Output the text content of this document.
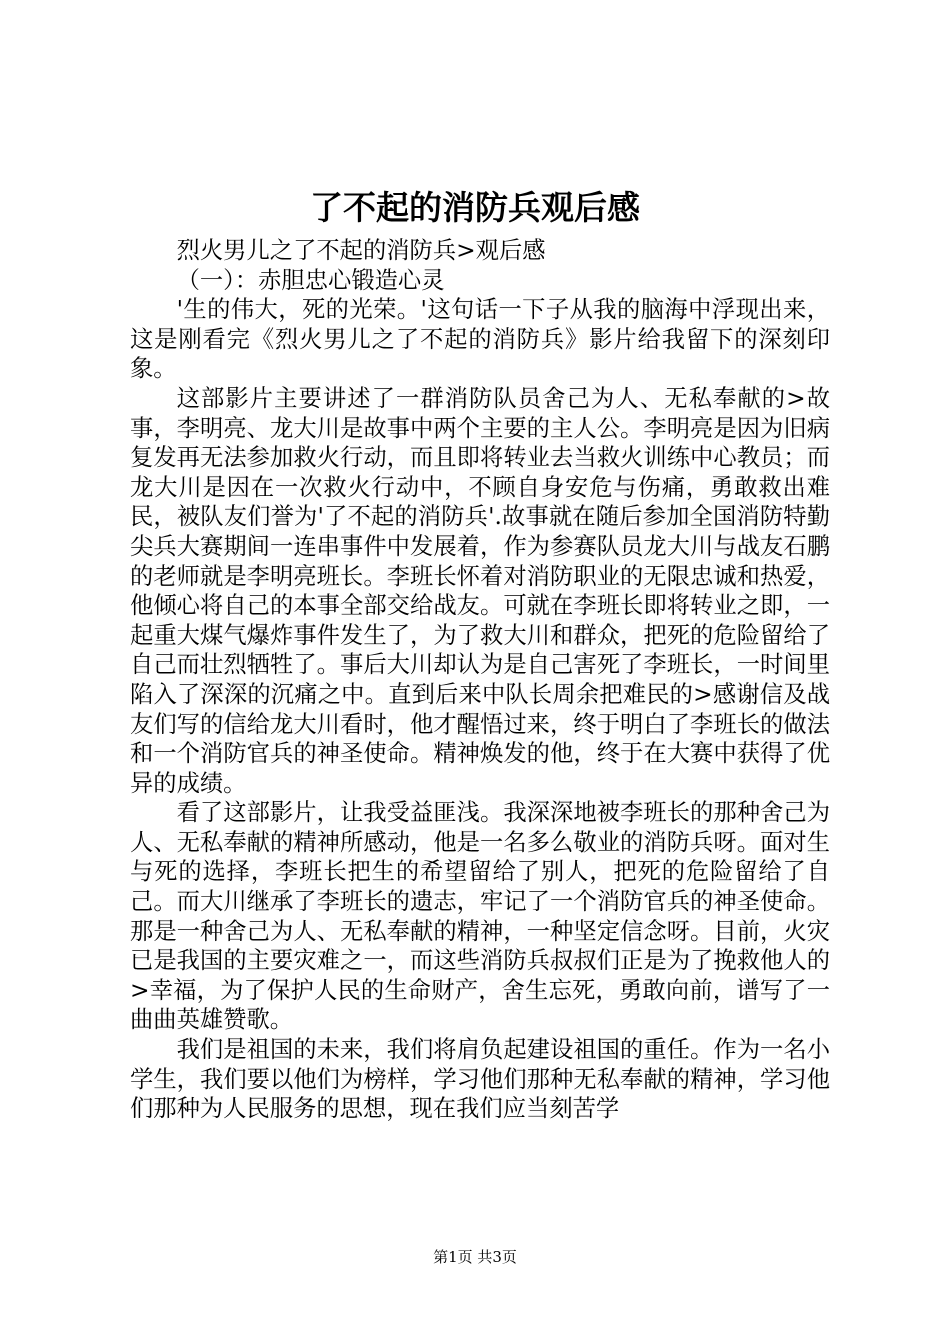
了不起的消防兵观后感

烈火男儿之了不起的消防兵>观后感

（一）：赤胆忠心锻造心灵

'生的伟大，死的光荣。'这句话一下子从我的脑海中浮现出来，这是刚看完《烈火男儿之了不起的消防兵》影片给我留下的深刻印象。

这部影片主要讲述了一群消防队员舍己为人、无私奉献的>故事，李明亮、龙大川是故事中两个主要的主人公。李明亮是因为旧病复发再无法参加救火行动，而且即将转业去当救火训练中心教员；而龙大川是因在一次救火行动中，不顾自身安危与伤痛，勇敢救出难民，被队友们誉为'了不起的消防兵'.故事就在随后参加全国消防特勤尖兵大赛期间一连串事件中发展着，作为参赛队员龙大川与战友石鹏的老师就是李明亮班长。李班长怀着对消防职业的无限忠诚和热爱，他倾心将自己的本事全部交给战友。可就在李班长即将转业之即，一起重大煤气爆炸事件发生了，为了救大川和群众，把死的危险留给了自己而壮烈牺牲了。事后大川却认为是自己害死了李班长，一时间里陷入了深深的沉痛之中。直到后来中队长周余把难民的>感谢信及战友们写的信给龙大川看时，他才醒悟过来，终于明白了李班长的做法和一个消防官兵的神圣使命。精神焕发的他，终于在大赛中获得了优异的成绩。

看了这部影片，让我受益匪浅。我深深地被李班长的那种舍己为人、无私奉献的精神所感动，他是一名多么敬业的消防兵呀。面对生与死的选择，李班长把生的希望留给了别人，把死的危险留给了自己。而大川继承了李班长的遗志，牢记了一个消防官兵的神圣使命。那是一种舍己为人、无私奉献的精神，一种坚定信念呀。目前，火灾已是我国的主要灾难之一，而这些消防兵叔叔们正是为了挽救他人的>幸福，为了保护人民的生命财产，舍生忘死，勇敢向前，谱写了一曲曲英雄赞歌。

我们是祖国的未来，我们将肩负起建设祖国的重任。作为一名小学生，我们要以他们为榜样，学习他们那种无私奉献的精神，学习他们那种为人民服务的思想，现在我们应当刻苦学

第1页 共3页
